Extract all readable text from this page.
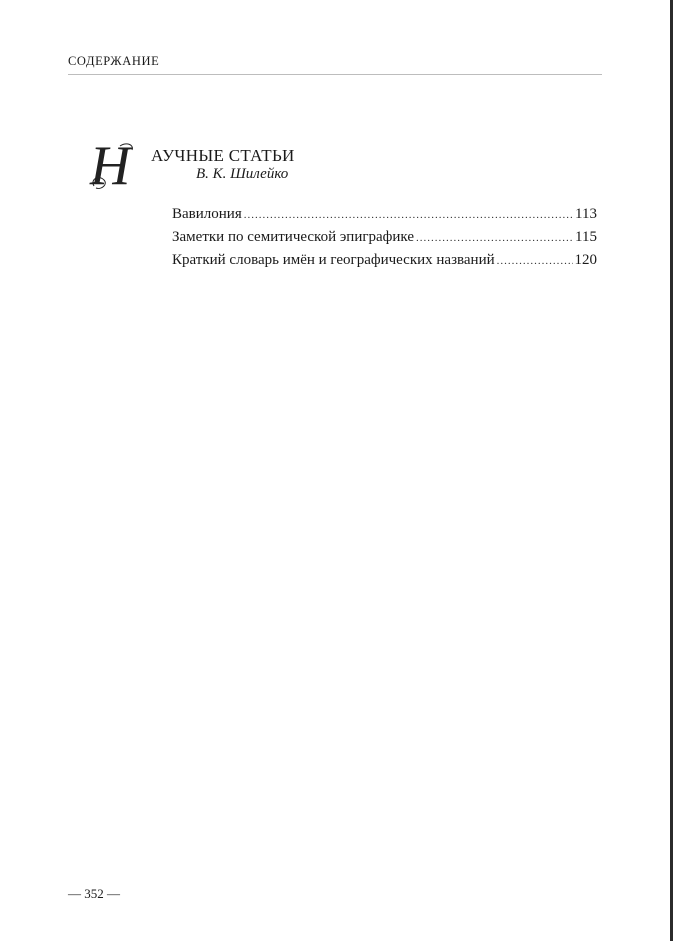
СОДЕРЖАНИЕ
Н АУЧНЫЕ СТАТЬИ
В. К. Шилейко
Вавилония .....	113
Заметки по семитической эпиграфике .....	115
Краткий словарь имён и географических названий .....	120
— 352 —
